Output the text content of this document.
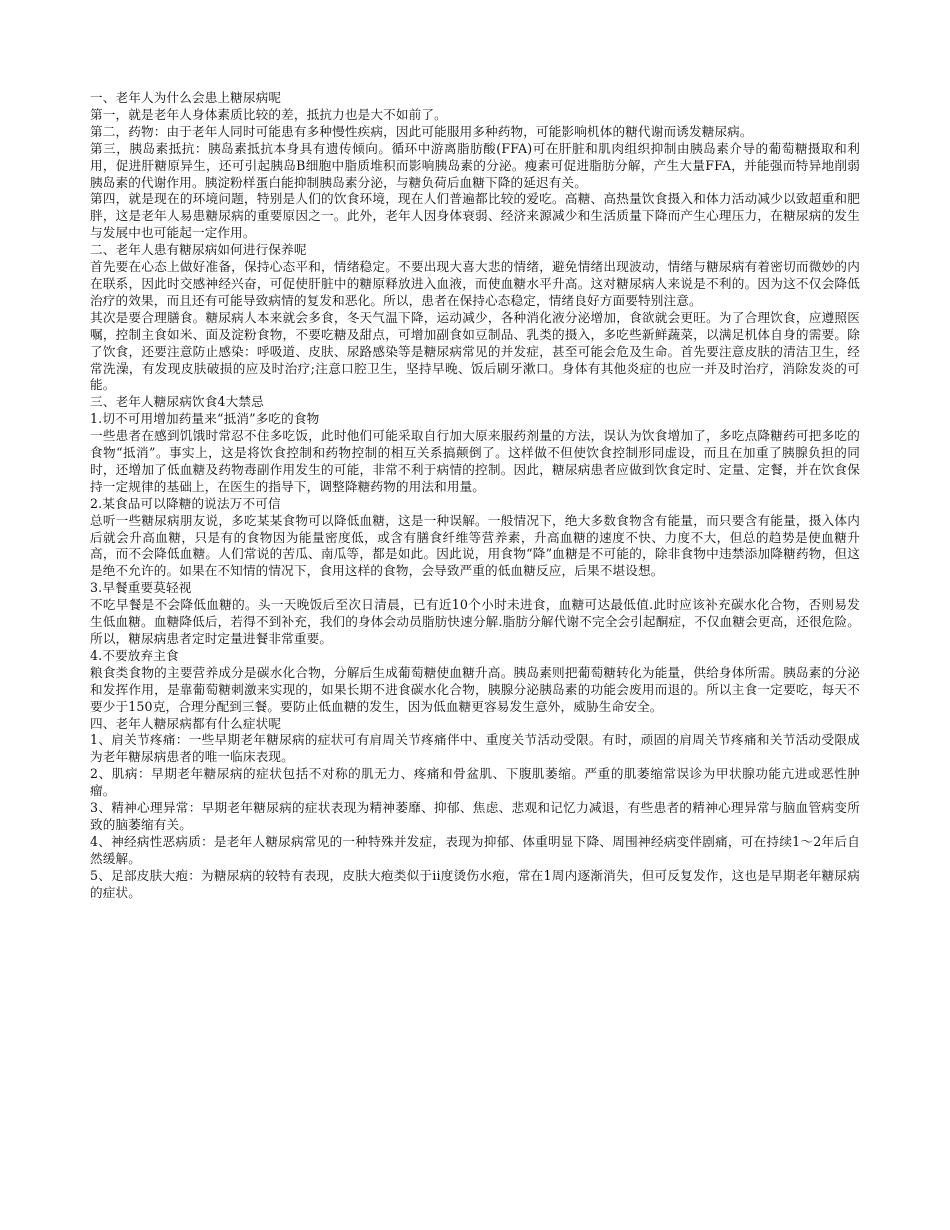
一、老年人为什么会患上糖尿病呢

第一，就是老年人身体素质比较的差，抵抗力也是大不如前了。

第二，药物：由于老年人同时可能患有多种慢性疾病，因此可能服用多种药物，可能影响机体的糖代谢而诱发糖尿病。

第三，胰岛素抵抗：胰岛素抵抗本身具有遗传倾向。循环中游离脂肪酸(FFA)可在肝脏和肌肉组织抑制由胰岛素介导的葡萄糖摄取和利用，促进肝糖原异生，还可引起胰岛B细胞中脂质堆积而影响胰岛素的分泌。瘦素可促进脂肪分解，产生大量FFA，并能强而特异地削弱胰岛素的代谢作用。胰淀粉样蛋白能抑制胰岛素分泌，与糖负荷后血糖下降的延迟有关。

第四，就是现在的环境问题，特别是人们的饮食环境，现在人们普遍都比较的爱吃。高糖、高热量饮食摄入和体力活动减少以致超重和肥胖，这是老年人易患糖尿病的重要原因之一。此外，老年人因身体衰弱、经济来源减少和生活质量下降而产生心理压力，在糖尿病的发生与发展中也可能起一定作用。

二、老年人患有糖尿病如何进行保养呢

首先要在心态上做好准备，保持心态平和，情绪稳定。不要出现大喜大悲的情绪，避免情绪出现波动，情绪与糖尿病有着密切而微妙的内在联系，因此时交感神经兴奋，可促使肝脏中的糖原释放进入血液，而使血糖水平升高。这对糖尿病人来说是不利的。因为这不仅会降低治疗的效果，而且还有可能导致病情的复发和恶化。所以，患者在保持心态稳定，情绪良好方面要特别注意。

其次是要合理膳食。糖尿病人本来就会多食，冬天气温下降，运动减少，各种消化液分泌增加，食欲就会更旺。为了合理饮食，应遵照医嘱，控制主食如米、面及淀粉食物，不要吃糖及甜点，可增加副食如豆制品、乳类的摄入，多吃些新鲜蔬菜，以满足机体自身的需要。除了饮食，还要注意防止感染：呼吸道、皮肤、尿路感染等是糖尿病常见的并发症，甚至可能会危及生命。首先要注意皮肤的清洁卫生，经常洗澡，有发现皮肤破损的应及时治疗;注意口腔卫生，坚持早晚、饭后刷牙漱口。身体有其他炎症的也应一并及时治疗，消除发炎的可能。

三、老年人糖尿病饮食4大禁忌

1.切不可用增加药量来“抵消”多吃的食物

一些患者在感到饥饿时常忍不住多吃饭，此时他们可能采取自行加大原来服药剂量的方法，误认为饮食增加了，多吃点降糖药可把多吃的食物“抵消”。事实上，这是将饮食控制和药物控制的相互关系搞颠倒了。这样做不但使饮食控制形同虚设，而且在加重了胰腺负担的同时，还增加了低血糖及药物毒副作用发生的可能，非常不利于病情的控制。因此，糖尿病患者应做到饮食定时、定量、定餐，并在饮食保持一定规律的基础上，在医生的指导下，调整降糖药物的用法和用量。

2.某食品可以降糖的说法万不可信

总听一些糖尿病朋友说，多吃某某食物可以降低血糖，这是一种误解。一般情况下，绝大多数食物含有能量，而只要含有能量，摄入体内后就会升高血糖，只是有的食物因为能量密度低，或含有膳食纤维等营养素，升高血糖的速度不快、力度不大，但总的趋势是使血糖升高，而不会降低血糖。人们常说的苦瓜、南瓜等，都是如此。因此说，用食物“降”血糖是不可能的，除非食物中违禁添加降糖药物，但这是绝不允许的。如果在不知情的情况下，食用这样的食物，会导致严重的低血糖反应，后果不堪设想。

3.早餐重要莫轻视

不吃早餐是不会降低血糖的。头一天晚饭后至次日清晨，已有近10个小时未进食，血糖可达最低值.此时应该补充碳水化合物，否则易发生低血糖。血糖降低后，若得不到补充，我们的身体会动员脂肪快速分解.脂肪分解代谢不完全会引起酮症，不仅血糖会更高，还很危险。所以，糖尿病患者定时定量进餐非常重要。

4.不要放弃主食

粮食类食物的主要营养成分是碳水化合物，分解后生成葡萄糖使血糖升高。胰岛素则把葡萄糖转化为能量，供给身体所需。胰岛素的分泌和发挥作用，是靠葡萄糖刺激来实现的，如果长期不进食碳水化合物，胰腺分泌胰岛素的功能会废用而退的。所以主食一定要吃，每天不要少于150克，合理分配到三餐。要防止低血糖的发生，因为低血糖更容易发生意外，威胁生命安全。

四、老年人糖尿病都有什么症状呢

1、肩关节疼痛：一些早期老年糖尿病的症状可有肩周关节疼痛伴中、重度关节活动受限。有时，顽固的肩周关节疼痛和关节活动受限成为老年糖尿病患者的唯一临床表现。

2、肌病：早期老年糖尿病的症状包括不对称的肌无力、疼痛和骨盆肌、下腹肌萎缩。严重的肌萎缩常误诊为甲状腺功能亢进或恶性肿瘤。

3、精神心理异常：早期老年糖尿病的症状表现为精神萎靡、抑郁、焦虑、悲观和记忆力减退，有些患者的精神心理异常与脑血管病变所致的脑萎缩有关。

4、神经病性恶病质：是老年人糖尿病常见的一种特殊并发症，表现为抑郁、体重明显下降、周围神经病变伴剧痛，可在持续1～2年后自然缓解。

5、足部皮肤大疱：为糖尿病的较特有表现，皮肤大疱类似于ii度烫伤水疱，常在1周内逐渐消失，但可反复发作，这也是早期老年糖尿病的症状。
